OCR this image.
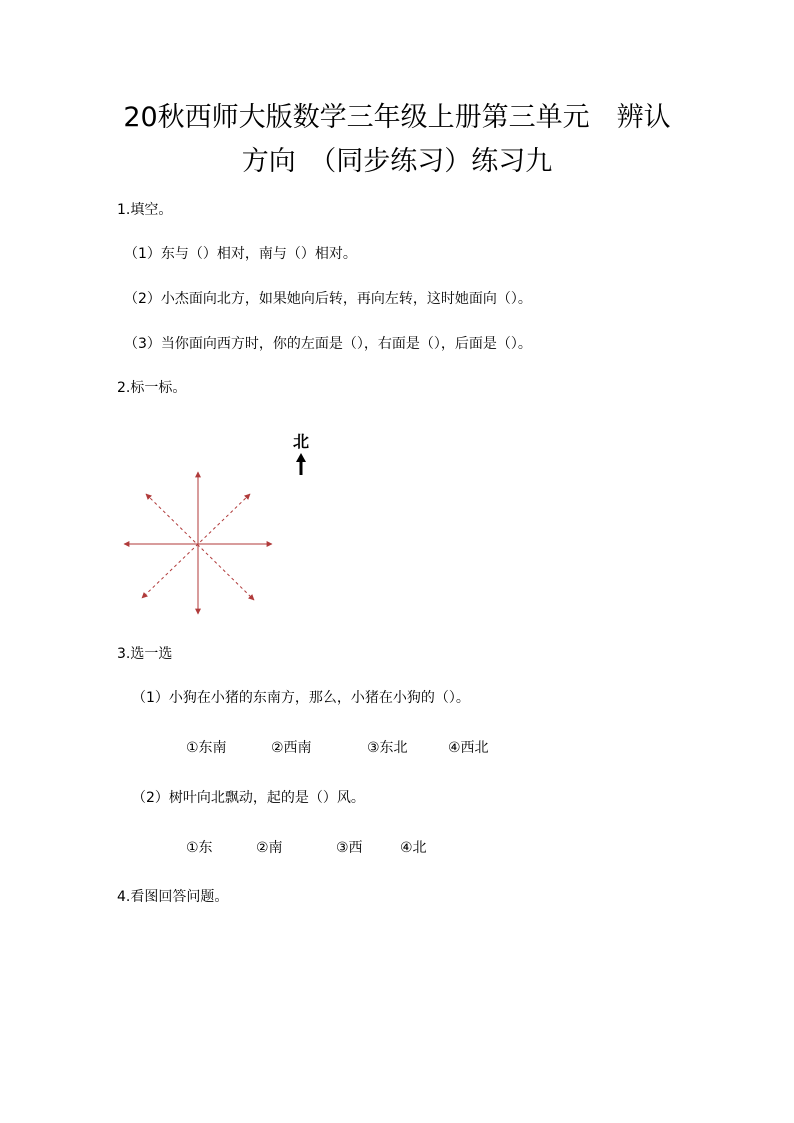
20秋西师大版数学三年级上册第三单元　辨认
方向　（同步练习）练习九
1.填空。
（1）东与（）相对，南与（）相对。
（2）小杰面向北方，如果她向后转，再向左转，这时她面向（）。
（3）当你面向西方时，你的左面是（），右面是（），后面是（）。
2.标一标。
北
3.选一选
（1）小狗在小猪的东南方，那么，小猪在小狗的（）。
①东南	②西南	③东北	④西北
（2）树叶向北飘动，起的是（）风。
①东	②南	③西	④北
4.看图回答问题。
